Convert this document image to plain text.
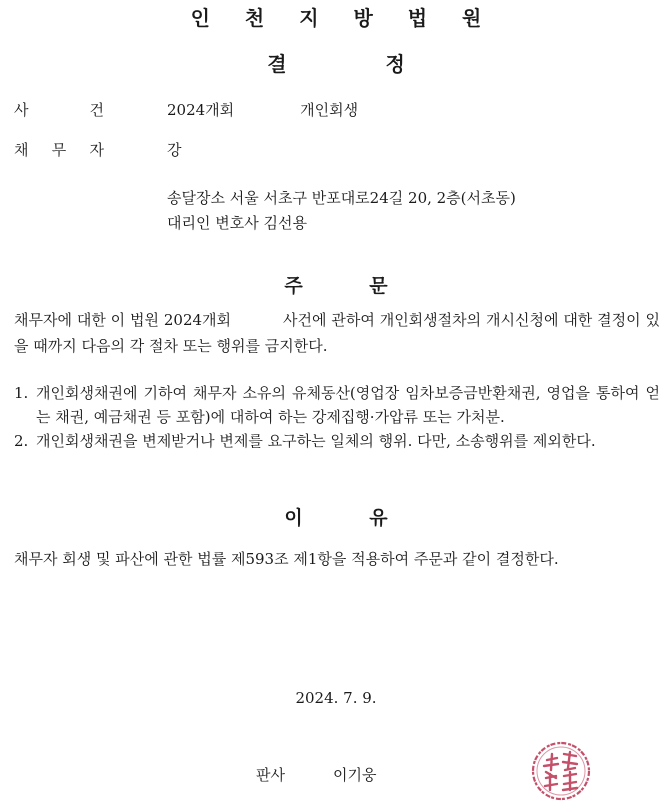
인 천 지 방 법 원
결 정
사 건	2024개회	개인회생
채 무 자	강
송달장소 서울 서초구 반포대로24길 20, 2층(서초동)
대리인 변호사 김선용
주 문
채무자에 대한 이 법원 2024개회	사건에 관하여 개인회생절차의 개시신청에 대한 결정이 있을 때까지 다음의 각 절차 또는 행위를 금지한다.
1. 개인회생채권에 기하여 채무자 소유의 유체동산(영업장 임차보증금반환채권, 영업을 통하여 얻는 채권, 예금채권 등 포함)에 대하여 하는 강제집행·가압류 또는 가처분.
2. 개인회생채권을 변제받거나 변제를 요구하는 일체의 행위. 다만, 소송행위를 제외한다.
이 유
채무자 회생 및 파산에 관한 법률 제593조 제1항을 적용하여 주문과 같이 결정한다.
2024. 7. 9.
판사	이기웅
